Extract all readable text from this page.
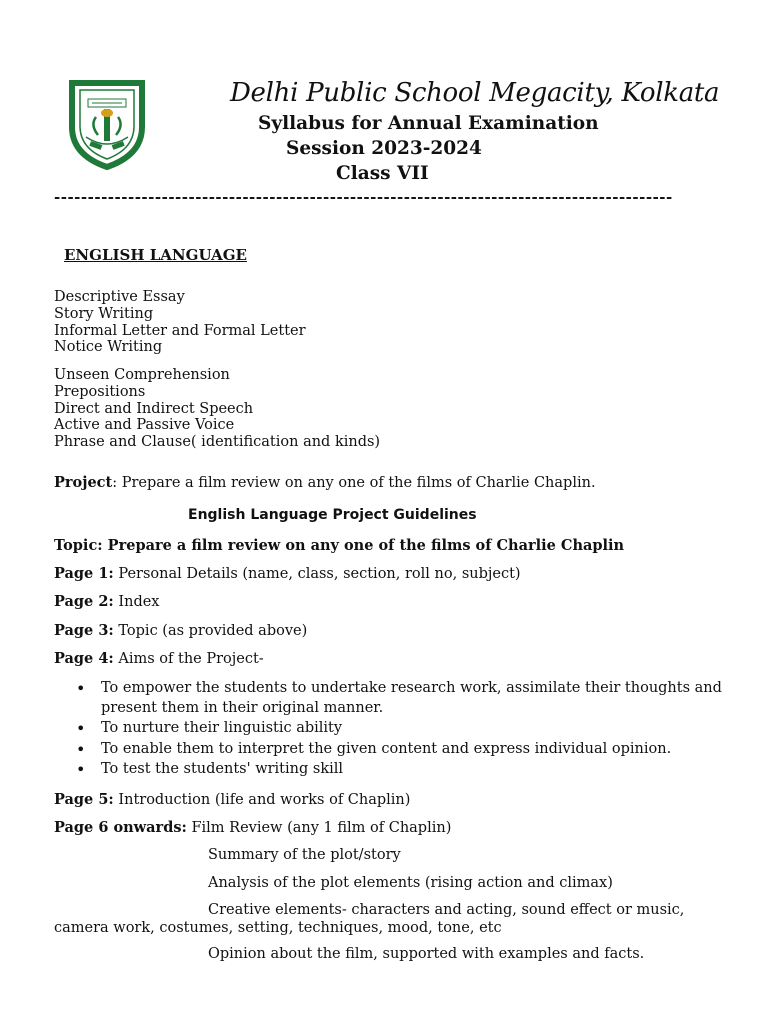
Delhi Public School Megacity, Kolkata
Syllabus for Annual Examination
Session 2023-2024
Class VII
--------------------------------------------------------------------------------------------
ENGLISH LANGUAGE
Descriptive Essay
Story Writing
Informal Letter and Formal Letter
Notice Writing
Unseen Comprehension
Prepositions
Direct and Indirect Speech
Active and Passive Voice
Phrase and Clause( identification and kinds)
Project: Prepare a film review on any one of the films of Charlie Chaplin.
English Language Project Guidelines
Topic: Prepare a film review on any one of the films of Charlie Chaplin
Page 1: Personal Details (name, class, section, roll no, subject)
Page 2: Index
Page 3: Topic (as provided above)
Page 4: Aims of the Project-
• To empower the students to undertake research work, assimilate their thoughts and present them in their original manner.
• To nurture their linguistic ability
• To enable them to interpret the given content and express individual opinion.
• To test the students' writing skill
Page 5: Introduction (life and works of Chaplin)
Page 6 onwards: Film Review (any 1 film of Chaplin)
Summary of the plot/story
Analysis of the plot elements (rising action and climax)
Creative elements- characters and acting, sound effect or music, camera work, costumes, setting, techniques, mood, tone, etc
Opinion about the film, supported with examples and facts.
